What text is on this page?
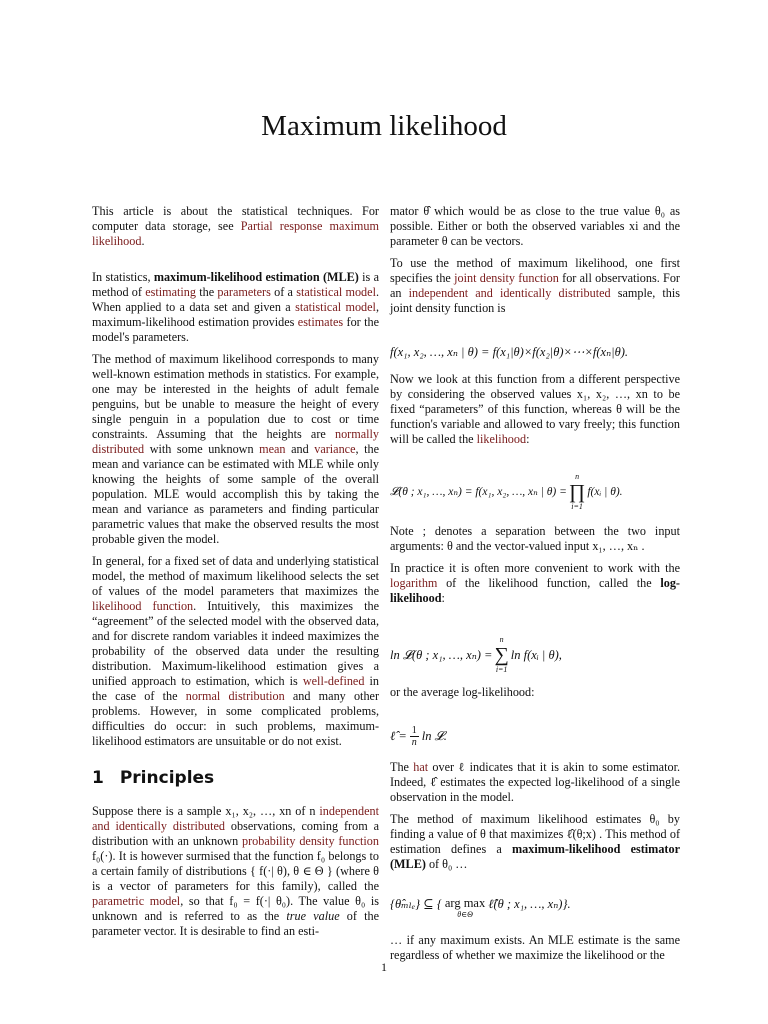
Maximum likelihood

This article is about the statistical techniques. For computer data storage, see Partial response maximum likelihood.

In statistics, maximum-likelihood estimation (MLE) is a method of estimating the parameters of a statistical model. When applied to a data set and given a statistical model, maximum-likelihood estimation provides estimates for the model's parameters.

The method of maximum likelihood corresponds to many well-known estimation methods in statistics. For example, one may be interested in the heights of adult female penguins, but be unable to measure the height of every single penguin in a population due to cost or time constraints. Assuming that the heights are normally distributed with some unknown mean and variance, the mean and variance can be estimated with MLE while only knowing the heights of some sample of the overall population. MLE would accomplish this by taking the mean and variance as parameters and finding particular parametric values that make the observed results the most probable given the model.

In general, for a fixed set of data and underlying statistical model, the method of maximum likelihood selects the set of values of the model parameters that maximizes the likelihood function. Intuitively, this maximizes the “agreement” of the selected model with the observed data, and for discrete random variables it indeed maximizes the probability of the observed data under the resulting distribution. Maximum-likelihood estimation gives a unified approach to estimation, which is well-defined in the case of the normal distribution and many other problems. However, in some complicated problems, difficulties do occur: in such problems, maximum-likelihood estimators are unsuitable or do not exist.

1 Principles

Suppose there is a sample x₁, x₂, …, xn of n independent and identically distributed observations, coming from a distribution with an unknown probability density function f₀(·). It is however surmised that the function f₀ belongs to a certain family of distributions { f(·| θ), θ ∈ Θ } (where θ is a vector of parameters for this family), called the parametric model, so that f₀ = f(·| θ₀). The value θ₀ is unknown and is referred to as the true value of the parameter vector. It is desirable to find an esti-

mator θ̂ which would be as close to the true value θ₀ as possible. Either or both the observed variables xi and the parameter θ can be vectors.

To use the method of maximum likelihood, one first specifies the joint density function for all observations. For an independent and identically distributed sample, this joint density function is

f(x₁, x₂, …, xₙ | θ) = f(x₁|θ)×f(x₂|θ)×⋯×f(xₙ|θ).

Now we look at this function from a different perspective by considering the observed values x₁, x₂, …, xn to be fixed “parameters” of this function, whereas θ will be the function's variable and allowed to vary freely; this function will be called the likelihood:

𝓛(θ ; x₁, …, xₙ) = f(x₁, x₂, …, xₙ | θ) =
n
∏
i=1
f(xᵢ | θ).

Note ; denotes a separation between the two input arguments: θ and the vector-valued input x₁, …, xₙ .

In practice it is often more convenient to work with the logarithm of the likelihood function, called the log-likelihood:

ln 𝓛(θ ; x₁, …, xₙ) =
n
∑
i=1
ln f(xᵢ | θ),

or the average log-likelihood:

ℓ̂ = $\frac{1}{n}$ ln 𝓛.

The hat over ℓ indicates that it is akin to some estimator. Indeed, ℓ̂ estimates the expected log-likelihood of a single observation in the model.

The method of maximum likelihood estimates θ₀ by finding a value of θ that maximizes ℓ̂(θ;x) . This method of estimation defines a maximum-likelihood estimator (MLE) of θ₀ …

{θ̂ₘₗₑ} ⊆ { arg max
θ∈Θ
ℓ̂(θ ; x₁, …, xₙ)}.

… if any maximum exists. An MLE estimate is the same regardless of whether we maximize the likelihood or the

1
